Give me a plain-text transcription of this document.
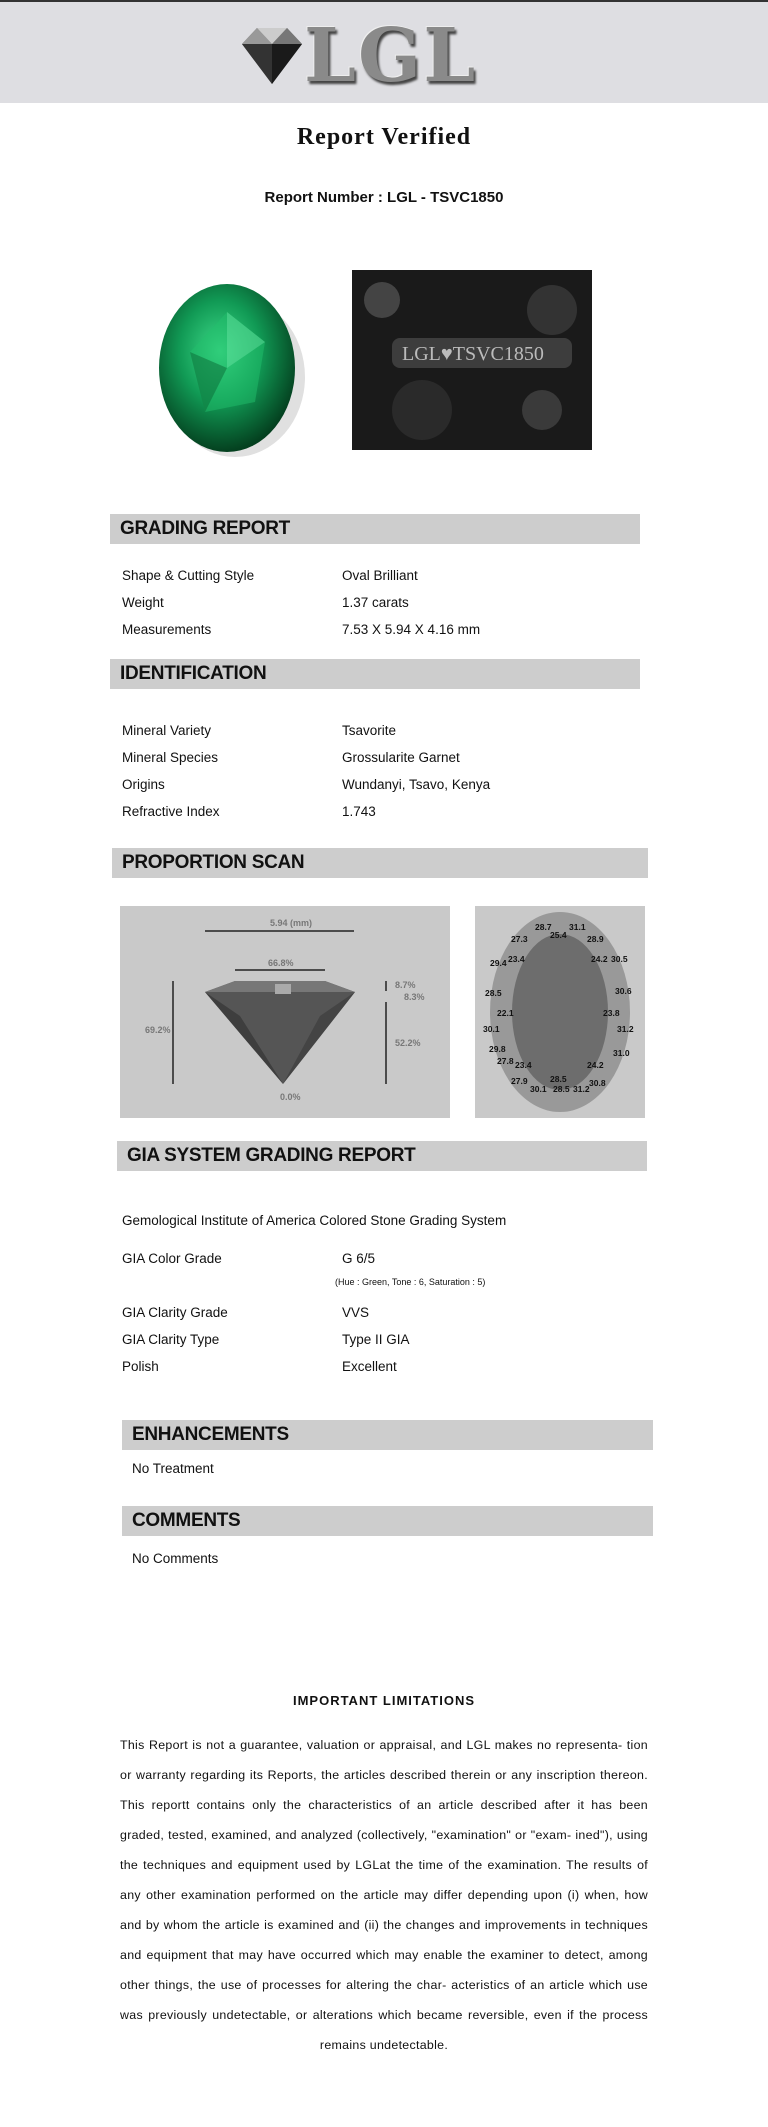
LGL
Report Verified
Report Number : LGL - TSVC1850
LGL♥TSVC1850
GRADING REPORT
Shape & Cutting Style	Oval Brilliant
Weight	1.37 carats
Measurements	7.53 X 5.94 X 4.16 mm
IDENTIFICATION
Mineral Variety	Tsavorite
Mineral Species	Grossularite Garnet
Origins	Wundanyi, Tsavo, Kenya
Refractive Index	1.743
PROPORTION SCAN
5.94 (mm)
66.8%
69.2%
8.7%
8.3%
52.2%
0.0%
28.7 31.1
27.3	25.4 28.9
29.4 23.4	24.2 30.5
28.5	30.6
22.1	23.8
30.1	31.2
29.8	31.0
27.8 23.4	24.2
27.9	28.5	30.8
30.1 28.5 31.2
GIA SYSTEM GRADING REPORT
Gemological Institute of America Colored Stone Grading System
GIA Color Grade	G 6/5
(Hue : Green, Tone : 6, Saturation : 5)
GIA Clarity Grade	VVS
GIA Clarity Type	Type II GIA
Polish	Excellent
ENHANCEMENTS
No Treatment
COMMENTS
No Comments
IMPORTANT LIMITATIONS
This Report is not a guarantee, valuation or appraisal, and LGL makes no representa- tion or warranty regarding its Reports, the articles described therein or any inscription thereon. This reportt contains only the characteristics of an article described after it has been graded, tested, examined, and analyzed (collectively, "examination" or "exam- ined"), using the techniques and equipment used by LGLat the time of the examination. The results of any other examination performed on the article may differ depending upon (i) when, how and by whom the article is examined and (ii) the changes and improvements in techniques and equipment that may have occurred which may enable the examiner to detect, among other things, the use of processes for altering the char- acteristics of an article which use was previously undetectable, or alterations which became reversible, even if the process remains undetectable.
